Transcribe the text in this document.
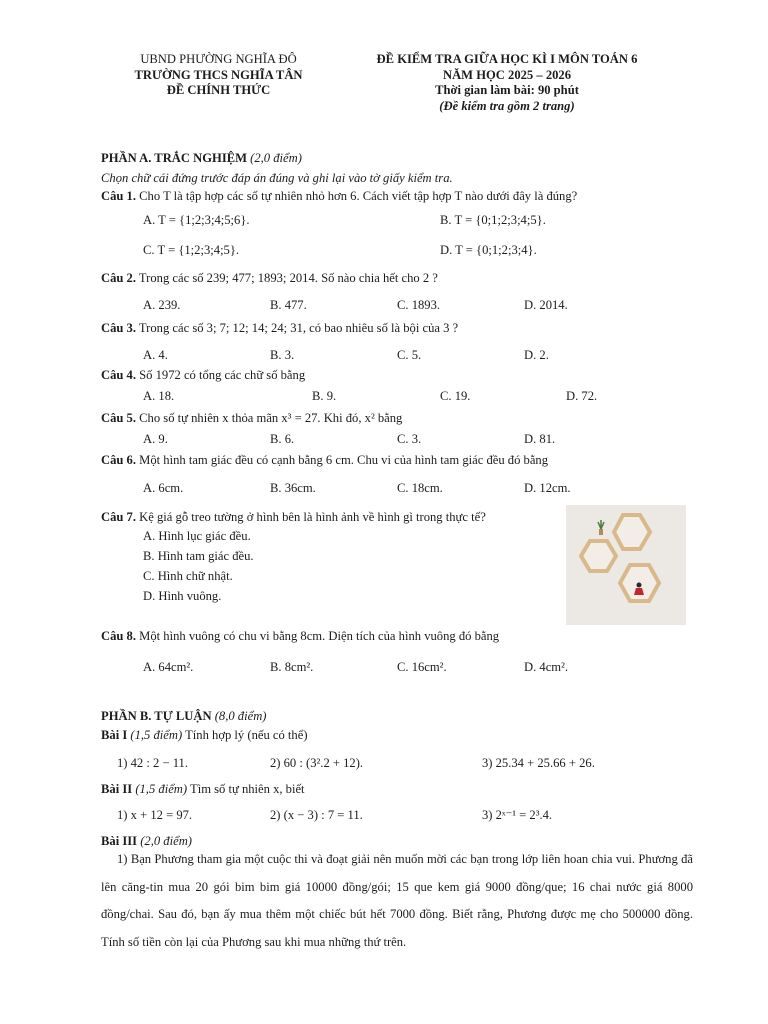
UBND PHƯỜNG NGHĨA ĐÔ
TRƯỜNG THCS NGHĨA TÂN
ĐỀ CHÍNH THỨC
ĐỀ KIỂM TRA GIỮA HỌC KÌ I MÔN TOÁN 6
NĂM HỌC 2025 – 2026
Thời gian làm bài: 90 phút
(Đề kiểm tra gồm 2 trang)
PHẦN A. TRẮC NGHIỆM (2,0 điểm)
Chọn chữ cái đứng trước đáp án đúng và ghi lại vào tờ giấy kiểm tra.
Câu 1. Cho T là tập hợp các số tự nhiên nhỏ hơn 6. Cách viết tập hợp T nào dưới đây là đúng?
A. T = {1;2;3;4;5;6}.	B. T = {0;1;2;3;4;5}.
C. T = {1;2;3;4;5}.	D. T = {0;1;2;3;4}.
Câu 2. Trong các số 239; 477; 1893; 2014. Số nào chia hết cho 2 ?
A. 239.	B. 477.	C. 1893.	D. 2014.
Câu 3. Trong các số 3; 7; 12; 14; 24; 31, có bao nhiêu số là bội của 3 ?
A. 4.	B. 3.	C. 5.	D. 2.
Câu 4. Số 1972 có tổng các chữ số bằng
A. 18.	B. 9.	C. 19.	D. 72.
Câu 5. Cho số tự nhiên x thỏa mãn x³ = 27. Khi đó, x² bằng
A. 9.	B. 6.	C. 3.	D. 81.
Câu 6. Một hình tam giác đều có cạnh bằng 6 cm. Chu vi của hình tam giác đều đó bằng
A. 6cm.	B. 36cm.	C. 18cm.	D. 12cm.
Câu 7. Kệ giá gỗ treo tường ở hình bên là hình ảnh về hình gì trong thực tế?
A. Hình lục giác đều.
B. Hình tam giác đều.
C. Hình chữ nhật.
D. Hình vuông.
Câu 8. Một hình vuông có chu vi bằng 8cm. Diện tích của hình vuông đó bằng
A. 64cm².	B. 8cm².	C. 16cm².	D. 4cm².
PHẦN B. TỰ LUẬN (8,0 điểm)
Bài I (1,5 điểm) Tính hợp lý (nếu có thể)
1) 42 : 2 − 11.	2) 60 : (3².2 + 12).	3) 25.34 + 25.66 + 26.
Bài II (1,5 điểm) Tìm số tự nhiên x, biết
1) x + 12 = 97.	2) (x − 3) : 7 = 11.	3) 2ˣ⁻¹ = 2³.4.
Bài III (2,0 điểm)
1) Bạn Phương tham gia một cuộc thi và đoạt giải nên muốn mời các bạn trong lớp liên hoan chia vui. Phương đã lên căng-tin mua 20 gói bim bim giá 10000 đồng/gói; 15 que kem giá 9000 đồng/que; 16 chai nước giá 8000 đồng/chai. Sau đó, bạn ấy mua thêm một chiếc bút hết 7000 đồng. Biết rằng, Phương được mẹ cho 500000 đồng. Tính số tiền còn lại của Phương sau khi mua những thứ trên.
